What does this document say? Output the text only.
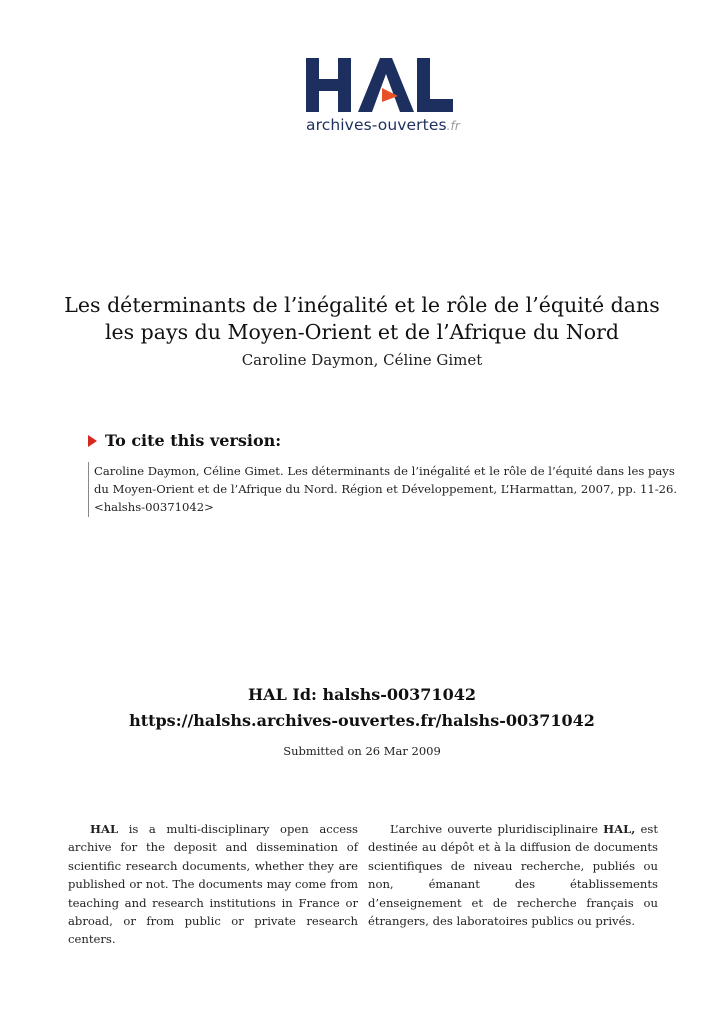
archives-ouvertes.fr
Les déterminants de l’inégalité et le rôle de l’équité dans
les pays du Moyen-Orient et de l’Afrique du Nord
Caroline Daymon, Céline Gimet
To cite this version:
Caroline Daymon, Céline Gimet. Les déterminants de l’inégalité et le rôle de l’équité dans les pays
du Moyen-Orient et de l’Afrique du Nord. Région et Développement, L’Harmattan, 2007, pp. 11-26.
<halshs-00371042>
HAL Id: halshs-00371042
https://halshs.archives-ouvertes.fr/halshs-00371042
Submitted on 26 Mar 2009
HAL is a multi-disciplinary open access archive for the deposit and dissemination of scientific research documents, whether they are published or not. The documents may come from teaching and research institutions in France or abroad, or from public or private research centers.
L’archive ouverte pluridisciplinaire HAL, est destinée au dépôt et à la diffusion de documents scientifiques de niveau recherche, publiés ou non, émanant des établissements d’enseignement et de recherche français ou étrangers, des laboratoires publics ou privés.
